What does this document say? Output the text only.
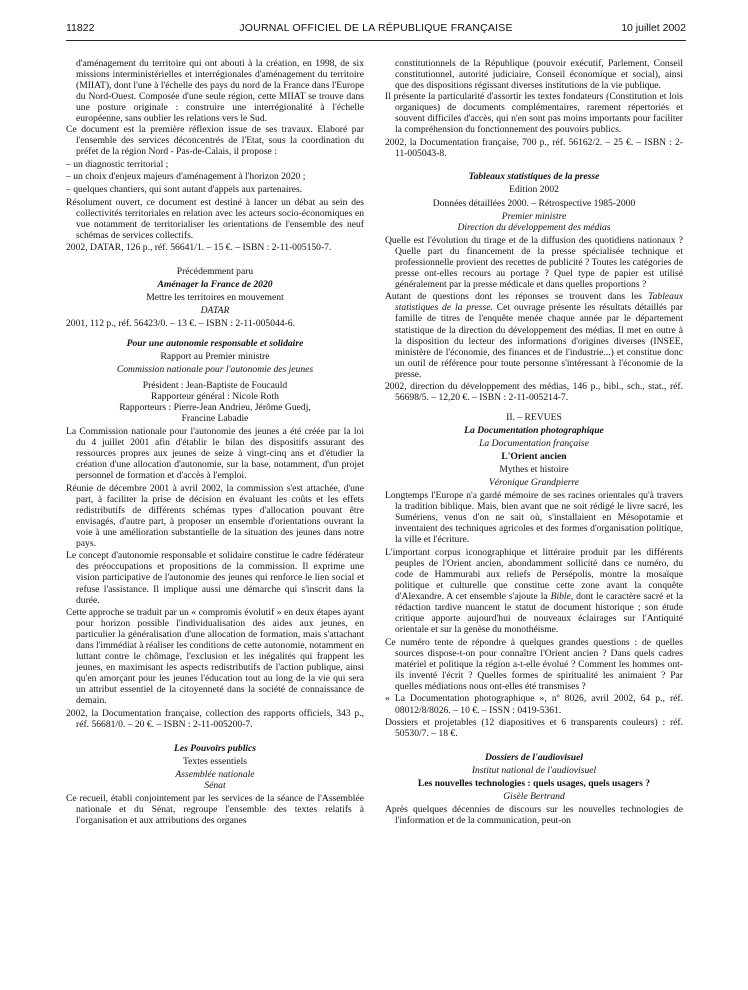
11822	JOURNAL OFFICIEL DE LA RÉPUBLIQUE FRANÇAISE	10 juillet 2002

d'aménagement du territoire qui ont abouti à la création, en 1998, de six missions interministérielles et interrégionales d'aménagement du territoire (MIIAT), dont l'une à l'échelle des pays du nord de la France dans l'Europe du Nord-Ouest. Composée d'une seule région, cette MIIAT se trouve dans une posture originale : construire une interrégionalité à l'échelle européenne, sans oublier les relations vers le Sud.

Ce document est la première réflexion issue de ses travaux. Elaboré par l'ensemble des services déconcentrés de l'Etat, sous la coordination du préfet de la région Nord - Pas-de-Calais, il propose :

– un diagnostic territorial ;

– un choix d'enjeux majeurs d'aménagement à l'horizon 2020 ;

– quelques chantiers, qui sont autant d'appels aux partenaires.

Résolument ouvert, ce document est destiné à lancer un débat au sein des collectivités territoriales en relation avec les acteurs socio-économiques en vue notamment de territorialiser les orientations de l'ensemble des neuf schémas de services collectifs.

2002, DATAR, 126 p., réf. 56641/1. – 15 €. – ISBN : 2-11-005150-7.

Précédemment paru

Aménager la France de 2020

Mettre les territoires en mouvement

DATAR

2001, 112 p., réf. 56423/0. – 13 €. – ISBN : 2-11-005044-6.

Pour une autonomie responsable et solidaire

Rapport au Premier ministre

Commission nationale pour l'autonomie des jeunes

Président : Jean-Baptiste de Foucauld

Rapporteur général : Nicole Roth

Rapporteurs : Pierre-Jean Andrieu, Jérôme Guedj,

Francine Labadie

La Commission nationale pour l'autonomie des jeunes a été créée par la loi du 4 juillet 2001 afin d'établir le bilan des dispositifs assurant des ressources propres aux jeunes de seize à vingt-cinq ans et d'étudier la création d'une allocation d'autonomie, sur la base, notamment, d'un projet personnel de formation et d'accès à l'emploi.

Réunie de décembre 2001 à avril 2002, la commission s'est attachée, d'une part, à faciliter la prise de décision en évaluant les coûts et les effets redistributifs de différents schémas types d'allocation pouvant être envisagés, d'autre part, à proposer un ensemble d'orientations ouvrant la voie à une amélioration substantielle de la situation des jeunes dans notre pays.

Le concept d'autonomie responsable et solidaire constitue le cadre fédérateur des préoccupations et propositions de la commission. Il exprime une vision participative de l'autonomie des jeunes qui renforce le lien social et refuse l'assistance. Il implique aussi une démarche qui s'inscrit dans la durée.

Cette approche se traduit par un « compromis évolutif » en deux étapes ayant pour horizon possible l'individualisation des aides aux jeunes, en particulier la généralisation d'une allocation de formation, mais s'attachant dans l'immédiat à réaliser les conditions de cette autonomie, notamment en luttant contre le chômage, l'exclusion et les inégalités qui frappent les jeunes, en maximisant les aspects redistributifs de l'action publique, ainsi qu'en amorçant pour les jeunes l'éducation tout au long de la vie qui sera un attribut essentiel de la citoyenneté dans la société de connaissance de demain.

2002, la Documentation française, collection des rapports officiels, 343 p., réf. 56681/0. – 20 €. – ISBN : 2-11-005200-7.

Les Pouvoirs publics

Textes essentiels

Assemblée nationale

Sénat

Ce recueil, établi conjointement par les services de la séance de l'Assemblée nationale et du Sénat, regroupe l'ensemble des textes relatifs à l'organisation et aux attributions des organes

constitutionnels de la République (pouvoir exécutif, Parlement, Conseil constitutionnel, autorité judiciaire, Conseil économique et social), ainsi que des dispositions régissant diverses institutions de la vie publique.

Il présente la particularité d'assortir les textes fondateurs (Constitution et lois organiques) de documents complémentaires, rarement répertoriés et souvent difficiles d'accès, qui n'en sont pas moins importants pour faciliter la compréhension du fonctionnement des pouvoirs publics.

2002, la Documentation française, 700 p., réf. 56162/2. – 25 €. – ISBN : 2-11-005043-8.

Tableaux statistiques de la presse

Edition 2002

Données détaillées 2000. – Rétrospective 1985-2000

Premier ministre

Direction du développement des médias

Quelle est l'évolution du tirage et de la diffusion des quotidiens nationaux ? Quelle part du financement de la presse spécialisée technique et professionnelle provient des recettes de publicité ? Toutes les catégories de presse ont-elles recours au portage ? Quel type de papier est utilisé généralement par la presse médicale et dans quelles proportions ?

Autant de questions dont les réponses se trouvent dans les Tableaux statistiques de la presse. Cet ouvrage présente les résultats détaillés par famille de titres de l'enquête menée chaque année par le département statistique de la direction du développement des médias. Il met en outre à la disposition du lecteur des informations d'origines diverses (INSEE, ministère de l'économie, des finances et de l'industrie...) et constitue donc un outil de référence pour toute personne s'intéressant à l'économie de la presse.

2002, direction du développement des médias, 146 p., bibl., sch., stat., réf. 56698/5. – 12,20 €. – ISBN : 2-11-005214-7.

II. – REVUES

La Documentation photographique

La Documentation française

L'Orient ancien

Mythes et histoire

Véronique Grandpierre

Longtemps l'Europe n'a gardé mémoire de ses racines orientales qu'à travers la tradition biblique. Mais, bien avant que ne soit rédigé le livre sacré, les Sumériens, venus d'on ne sait où, s'installaient en Mésopotamie et inventaient des techniques agricoles et des formes d'organisation politique, la ville et l'écriture.

L'important corpus iconographique et littéraire produit par les différents peuples de l'Orient ancien, abondamment sollicité dans ce numéro, du code de Hammurabi aux reliefs de Persépolis, montre la mosaïque politique et culturelle que constitue cette zone avant la conquête d'Alexandre. A cet ensemble s'ajoute la Bible, dont le caractère sacré et la rédaction tardive nuancent le statut de document historique ; son étude critique apporte aujourd'hui de nouveaux éclairages sur l'Antiquité orientale et sur la genèse du monothéisme.

Ce numéro tente de répondre à quelques grandes questions : de quelles sources dispose-t-on pour connaître l'Orient ancien ? Dans quels cadres matériel et politique la région a-t-elle évolué ? Comment les hommes ont-ils inventé l'écrit ? Quelles formes de spiritualité les animaient ? Par quelles médiations nous ont-elles été transmises ?

« La Documentation photographique », nº 8026, avril 2002, 64 p., réf. 08012/8/8026. – 10 €. – ISSN : 0419-5361.

Dossiers et projetables (12 diapositives et 6 transparents couleurs) : réf. 50530/7. – 18 €.

Dossiers de l'audiovisuel

Institut national de l'audiovisuel

Les nouvelles technologies : quels usages, quels usagers ?

Gisèle Bertrand

Après quelques décennies de discours sur les nouvelles technologies de l'information et de la communication, peut-on
